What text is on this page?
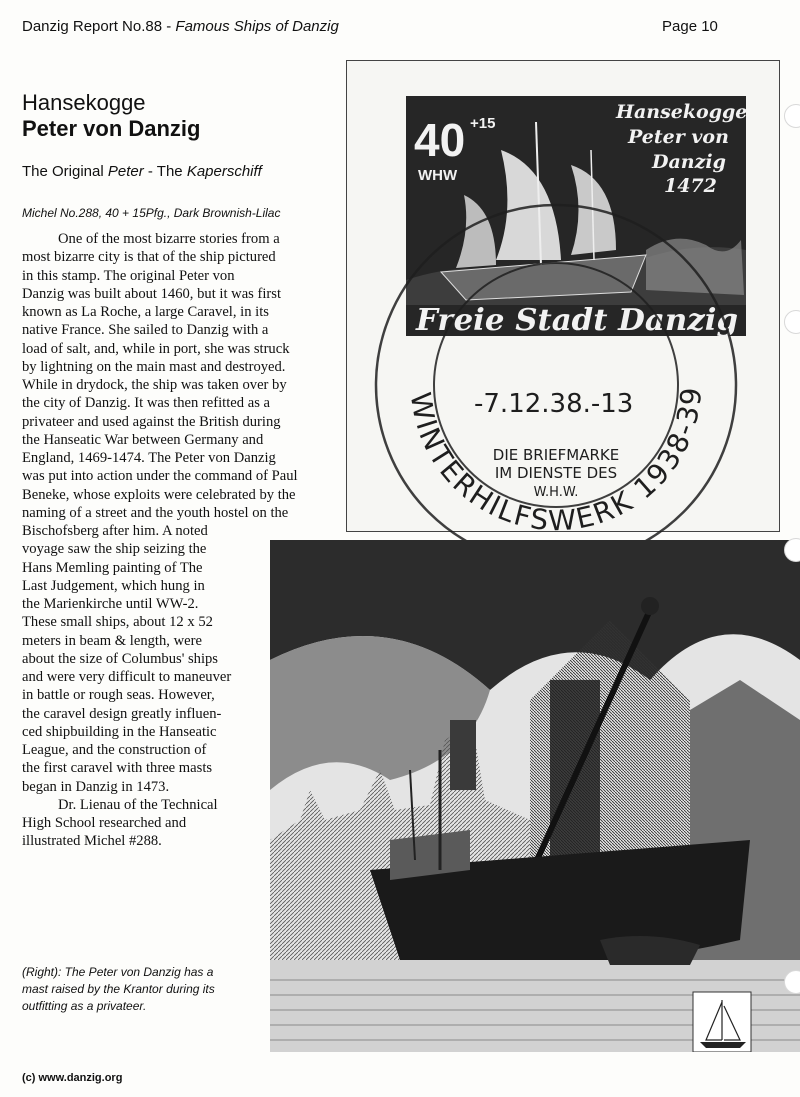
Danzig Report No.88 - Famous Ships of Danzig	Page 10
Hansekogge
Peter von Danzig
The Original Peter - The Kaperschiff
Michel No.288, 40 + 15Pfg., Dark Brownish-Lilac
One of the most bizarre stories from a
most bizarre city is that of the ship pictured
in this stamp. The original Peter von
Danzig was built about 1460, but it was first
known as La Roche, a large Caravel, in its
native France. She sailed to Danzig with a
load of salt, and, while in port, she was struck
by lightning on the main mast and destroyed.
While in drydock, the ship was taken over by
the city of Danzig. It was then refitted as a
privateer and used against the British during
the Hanseatic War between Germany and
England, 1469-1474. The Peter von Danzig
was put into action under the command of Paul
Beneke, whose exploits were celebrated by the
naming of a street and the youth hostel on the
Bischofsberg after him. A noted
voyage saw the ship seizing the
Hans Memling painting of The
Last Judgement, which hung in
the Marienkirche until WW-2.
These small ships, about 12 x 52
meters in beam & length, were
about the size of Columbus' ships
and were very difficult to maneuver
in battle or rough seas. However,
the caravel design greatly influen-
ced shipbuilding in the Hanseatic
League, and the construction of
the first caravel with three masts
began in Danzig in 1473.
Dr. Lienau of the Technical
High School researched and
illustrated Michel #288.
40 +15
WHW
Hansekogge
Peter von
Danzig
1472
Freie Stadt Danzig
WINTERHILFSWERK 1938-39
-7.12.38.-13
DIE BRIEFMARKE
IM DIENSTE DES
W.H.W.
(Right): The Peter von Danzig has a
mast raised by the Krantor during its
outfitting as a privateer.
(c) www.danzig.org
